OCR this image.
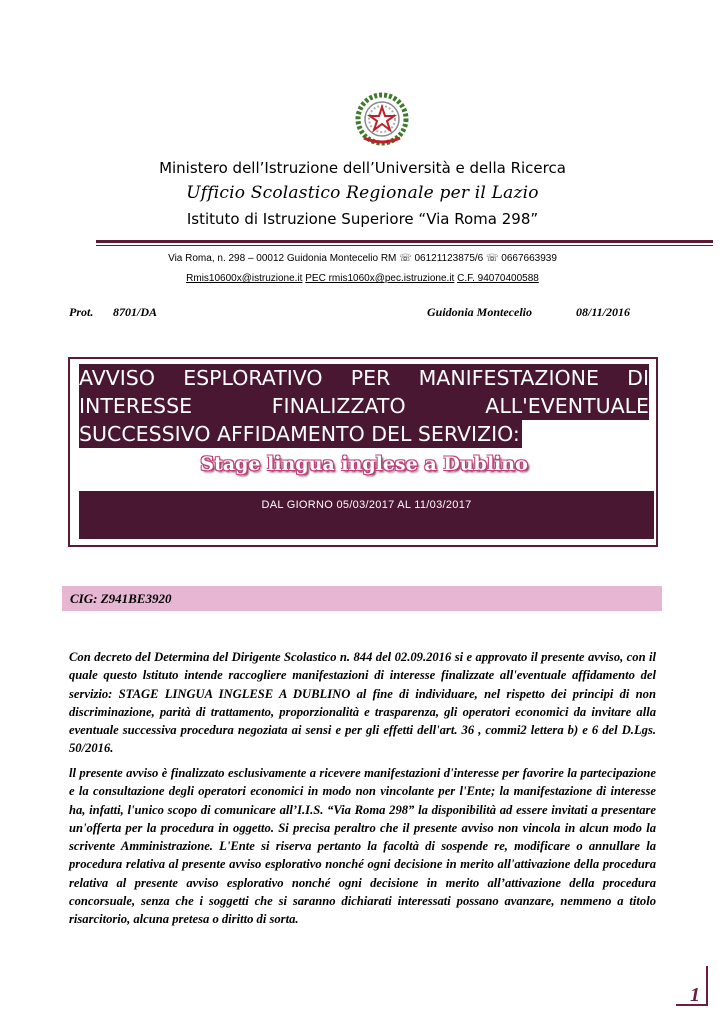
Ministero dell’Istruzione dell’Università e della Ricerca
Ufficio Scolastico Regionale per il Lazio
Istituto di Istruzione Superiore “Via Roma 298”
Via Roma, n. 298 – 00012 Guidonia Montecelio RM ☏ 06121123875/6 ☏ 0667663939
Rmis10600x@istruzione.it PEC rmis1060x@pec.istruzione.it C.F. 94070400588
Prot. 8701/DA	Guidonia Montecelio	08/11/2016
AVVISO ESPLORATIVO PER MANIFESTAZIONE DI
INTERESSE FINALIZZATO ALL'EVENTUALE
SUCCESSIVO AFFIDAMENTO DEL SERVIZIO:
Stage lingua inglese a Dublino
DAL GIORNO 05/03/2017 AL 11/03/2017
CIG: Z941BE3920

Con decreto del Determina del Dirigente Scolastico n. 844 del 02.09.2016 si e approvato il presente avviso, con il quale questo lstituto intende raccogliere manifestazioni di interesse finalizzate all'eventuale affidamento del servizio: STAGE LINGUA INGLESE A DUBLINO al fine di individuare, nel rispetto dei principi di non discriminazione, parità di trattamento, proporzionalità e trasparenza, gli operatori economici da invitare alla eventuale successiva procedura negoziata ai sensi e per gli effetti dell'art. 36 , commi2 lettera b) e 6 del D.Lgs. 50/2016.

ll presente avviso è finalizzato esclusivamente a ricevere manifestazioni d'interesse per favorire la partecipazione e la consultazione degli operatori economici in modo non vincolante per l'Ente; la manifestazione di interesse ha, infatti, l'unico scopo di comunicare all’I.I.S. “Via Roma 298” la disponibilità ad essere invitati a presentare un'offerta per la procedura in oggetto. Si precisa peraltro che il presente avviso non vincola in alcun modo la scrivente Amministrazione. L'Ente si riserva pertanto la facoltà di sospende re, modificare o annullare la procedura relativa al presente avviso esplorativo nonché ogni decisione in merito all'attivazione della procedura relativa al presente avviso esplorativo nonché ogni decisione in merito all’attivazione della procedura concorsuale, senza che i soggetti che si saranno dichiarati interessati possano avanzare, nemmeno a titolo risarcitorio, alcuna pretesa o diritto di sorta.

1
